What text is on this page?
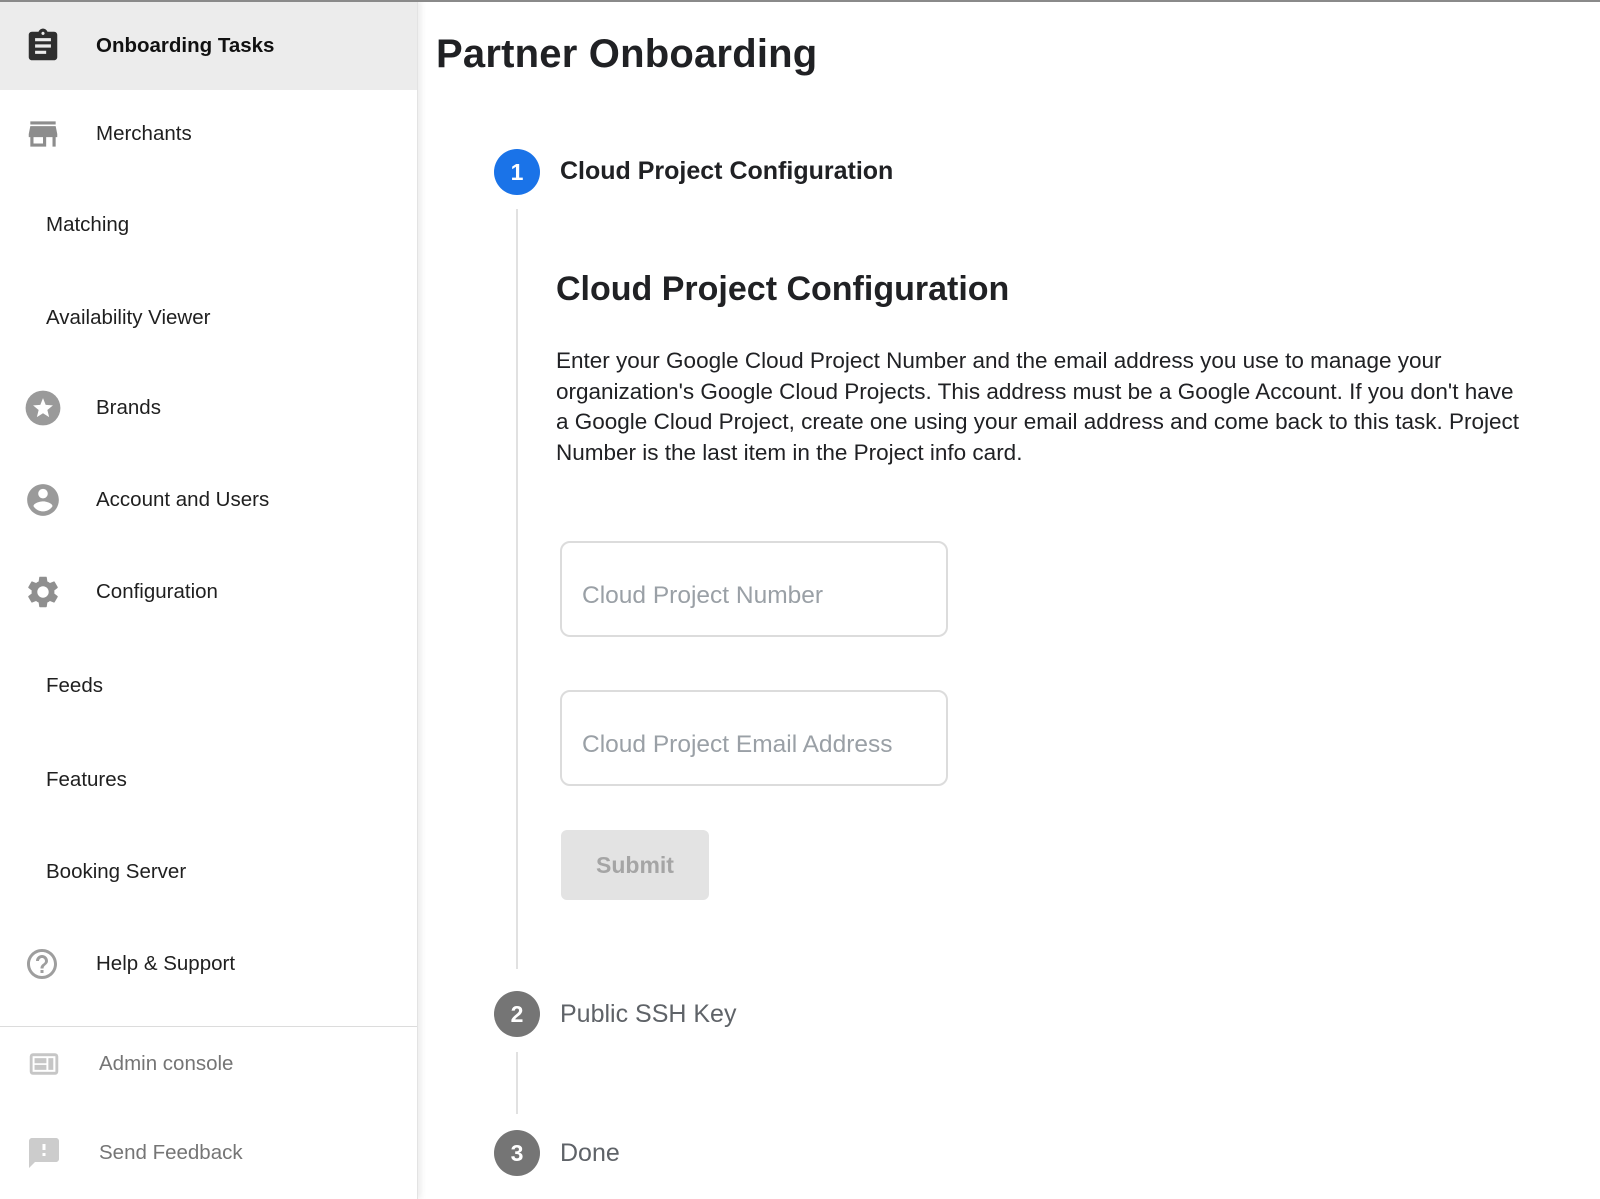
Onboarding Tasks
Merchants
Matching
Availability Viewer
Brands
Account and Users
Configuration
Feeds
Features
Booking Server
Help & Support
Admin console
Send Feedback
Partner Onboarding
1 Cloud Project Configuration
Cloud Project Configuration

Enter your Google Cloud Project Number and the email address you use to manage your organization's Google Cloud Projects. This address must be a Google Account. If you don't have a Google Cloud Project, create one using your email address and come back to this task. Project Number is the last item in the Project info card.

Cloud Project Number
Cloud Project Email Address
Submit
2 Public SSH Key
3 Done
